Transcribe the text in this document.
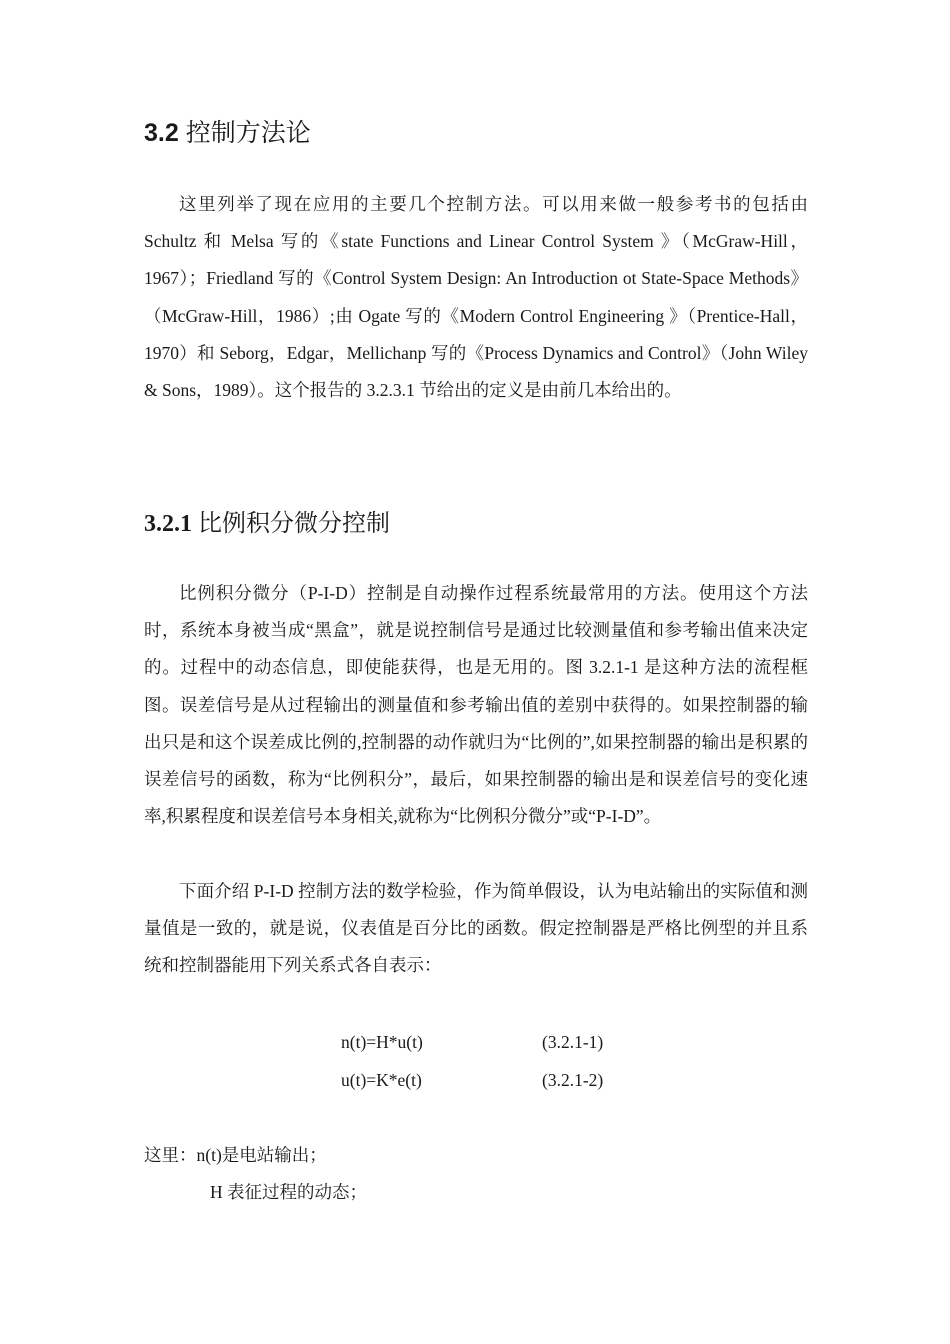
3.2 控制方法论

这里列举了现在应用的主要几个控制方法。可以用来做一般参考书的包括由Schultz 和 Melsa 写的《state Functions and Linear Control System 》（McGraw-Hill，1967）；Friedland 写的《Control System Design: An Introduction ot State-Space Methods》（McGraw-Hill，1986）;由 Ogate 写的《Modern Control Engineering 》（Prentice-Hall，1970）和 Seborg，Edgar，Mellichanp 写的《Process Dynamics and Control》（John Wiley & Sons，1989）。这个报告的 3.2.3.1 节给出的定义是由前几本给出的。

3.2.1 比例积分微分控制

比例积分微分（P-I-D）控制是自动操作过程系统最常用的方法。使用这个方法时，系统本身被当成“黑盒”，就是说控制信号是通过比较测量值和参考输出值来决定的。过程中的动态信息，即使能获得，也是无用的。图 3.2.1-1 是这种方法的流程框图。误差信号是从过程输出的测量值和参考输出值的差别中获得的。如果控制器的输出只是和这个误差成比例的,控制器的动作就归为“比例的”,如果控制器的输出是积累的误差信号的函数，称为“比例积分”，最后，如果控制器的输出是和误差信号的变化速率,积累程度和误差信号本身相关,就称为“比例积分微分”或“P-I-D”。

下面介绍 P-I-D 控制方法的数学检验，作为简单假设，认为电站输出的实际值和测量值是一致的，就是说，仪表值是百分比的函数。假定控制器是严格比例型的并且系统和控制器能用下列关系式各自表示：

n(t)=H*u(t)	(3.2.1-1)
u(t)=K*e(t)	(3.2.1-2)
这里：n(t)是电站输出；
H 表征过程的动态；
